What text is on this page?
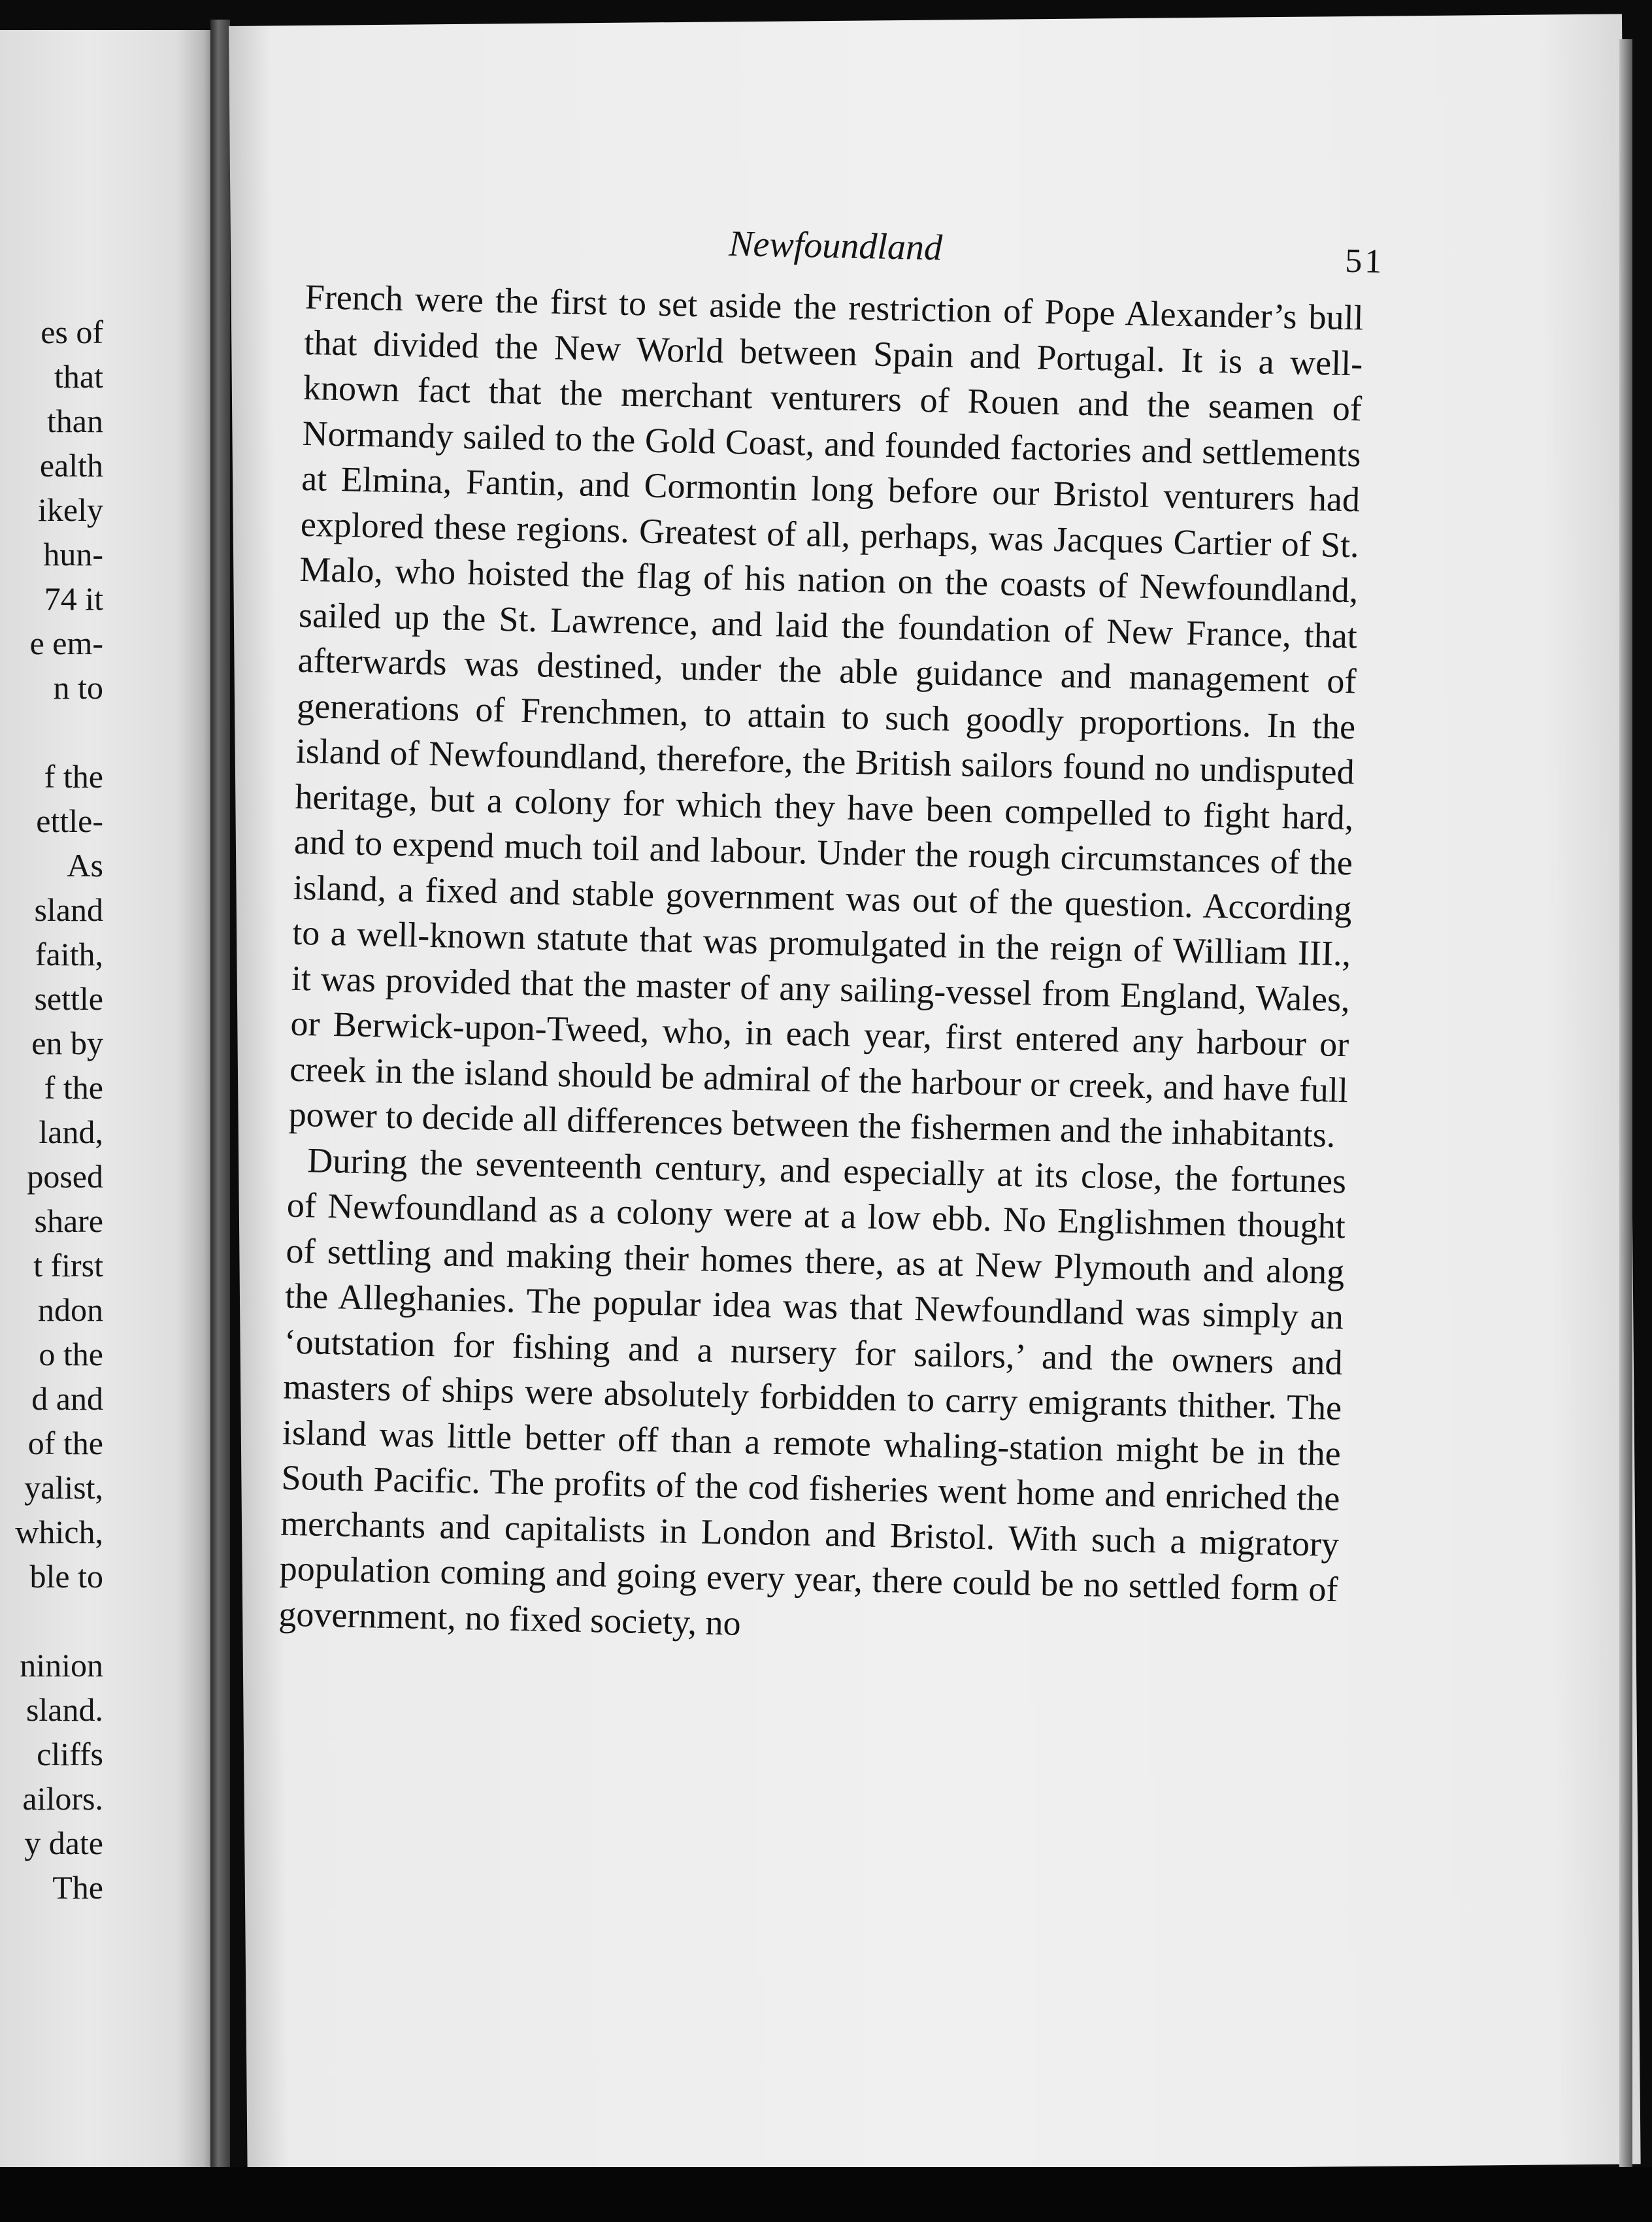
es of
that
than
ealth
ikely
hun-
74 it
e em-
n to
f the
ettle-
As
sland
faith,
settle
en by
f the
land,
posed
share
t first
ndon
o the
d and
of the
yalist,
which,
ble to
ninion
sland.
cliffs
ailors.
y date
The
Newfoundland	51

French were the first to set aside the restriction of Pope Alexander’s bull that divided the New World between Spain and Portugal. It is a well-known fact that the merchant venturers of Rouen and the seamen of Normandy sailed to the Gold Coast, and founded factories and settlements at Elmina, Fantin, and Cormontin long before our Bristol venturers had explored these regions. Greatest of all, perhaps, was Jacques Cartier of St. Malo, who hoisted the flag of his nation on the coasts of Newfoundland, sailed up the St. Lawrence, and laid the foundation of New France, that afterwards was destined, under the able guidance and management of generations of Frenchmen, to attain to such goodly proportions. In the island of Newfoundland, therefore, the British sailors found no undisputed heritage, but a colony for which they have been compelled to fight hard, and to expend much toil and labour. Under the rough circumstances of the island, a fixed and stable government was out of the question. According to a well-known statute that was promulgated in the reign of William III., it was provided that the master of any sailing-vessel from England, Wales, or Berwick-upon-Tweed, who, in each year, first entered any harbour or creek in the island should be admiral of the harbour or creek, and have full power to decide all differences between the fishermen and the inhabitants.

During the seventeenth century, and especially at its close, the fortunes of Newfoundland as a colony were at a low ebb. No Englishmen thought of settling and making their homes there, as at New Plymouth and along the Alleghanies. The popular idea was that Newfoundland was simply an ‘outstation for fishing and a nursery for sailors,’ and the owners and masters of ships were absolutely forbidden to carry emigrants thither. The island was little better off than a remote whaling-station might be in the South Pacific. The profits of the cod fisheries went home and enriched the merchants and capitalists in London and Bristol. With such a migratory population coming and going every year, there could be no settled form of government, no fixed society, no
